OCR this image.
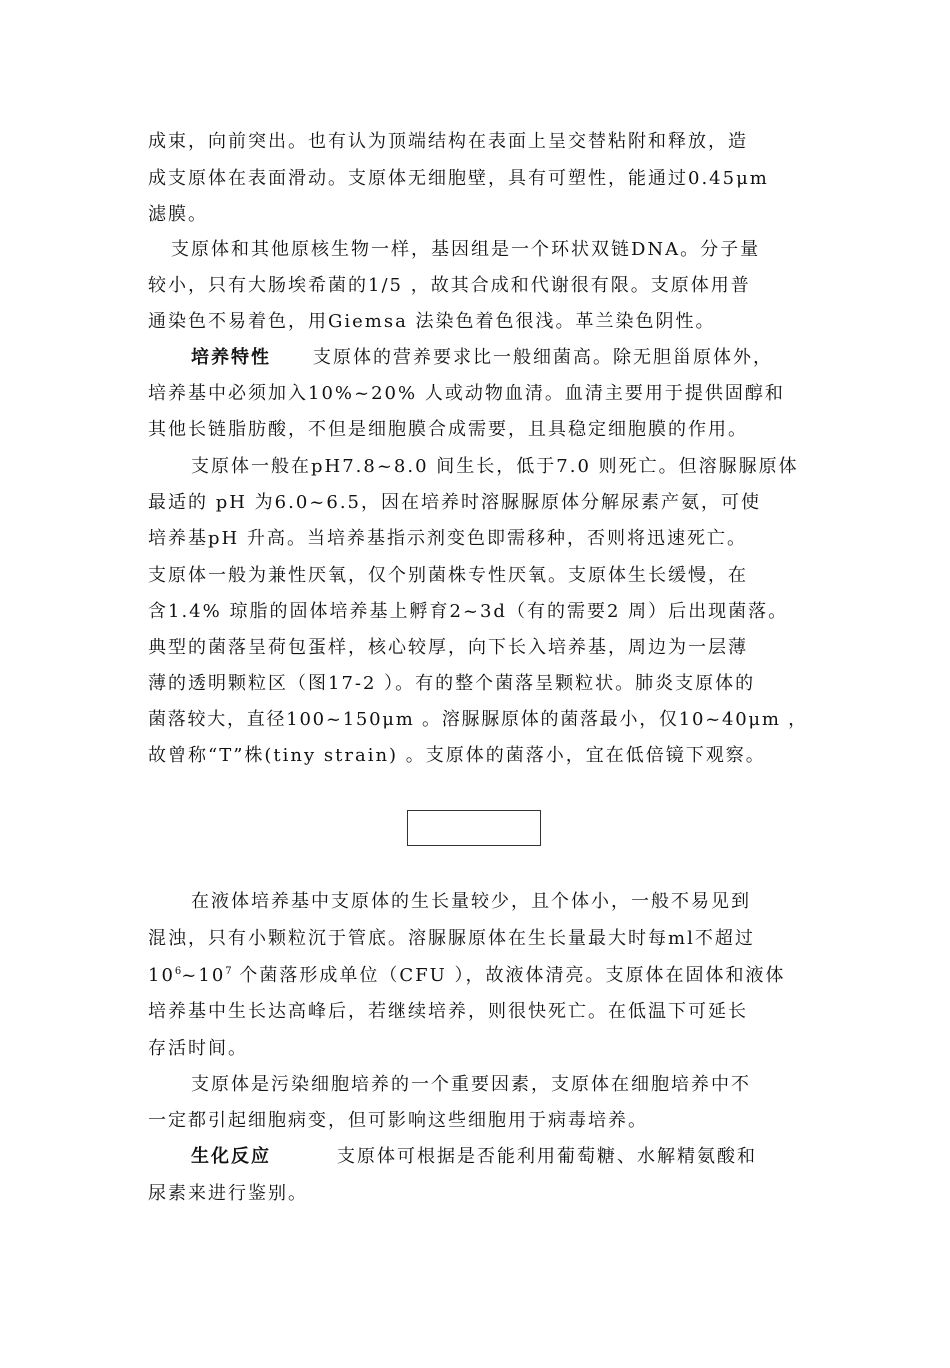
成束，向前突出。也有认为顶端结构在表面上呈交替粘附和释放，造
成支原体在表面滑动。支原体无细胞壁，具有可塑性，能通过0.45μm
滤膜。
支原体和其他原核生物一样，基因组是一个环状双链DNA。分子量
较小，只有大肠埃希菌的1/5 ，故其合成和代谢很有限。支原体用普
通染色不易着色，用Giemsa 法染色着色很浅。革兰染色阴性。
培养特性 支原体的营养要求比一般细菌高。除无胆甾原体外，
培养基中必须加入10%~20% 人或动物血清。血清主要用于提供固醇和
其他长链脂肪酸，不但是细胞膜合成需要，且具稳定细胞膜的作用。
支原体一般在pH7.8~8.0 间生长，低于7.0 则死亡。但溶脲脲原体
最适的 pH 为6.0~6.5，因在培养时溶脲脲原体分解尿素产氨，可使
培养基pH 升高。当培养基指示剂变色即需移种，否则将迅速死亡。
支原体一般为兼性厌氧，仅个别菌株专性厌氧。支原体生长缓慢，在
含1.4% 琼脂的固体培养基上孵育2~3d（有的需要2 周）后出现菌落。
典型的菌落呈荷包蛋样，核心较厚，向下长入培养基，周边为一层薄
薄的透明颗粒区（图17-2 ）。有的整个菌落呈颗粒状。肺炎支原体的
菌落较大，直径100~150μm 。溶脲脲原体的菌落最小，仅10~40μm ，
故曾称“T”株(tiny strain) 。支原体的菌落小，宜在低倍镜下观察。
在液体培养基中支原体的生长量较少，且个体小，一般不易见到
混浊，只有小颗粒沉于管底。溶脲脲原体在生长量最大时每ml不超过
$10^6\sim 10^7$ 个菌落形成单位（CFU ），故液体清亮。支原体在固体和液体
培养基中生长达高峰后，若继续培养，则很快死亡。在低温下可延长
存活时间。
支原体是污染细胞培养的一个重要因素，支原体在细胞培养中不
一定都引起细胞病变，但可影响这些细胞用于病毒培养。
生化反应	支原体可根据是否能利用葡萄糖、水解精氨酸和
尿素来进行鉴别。
